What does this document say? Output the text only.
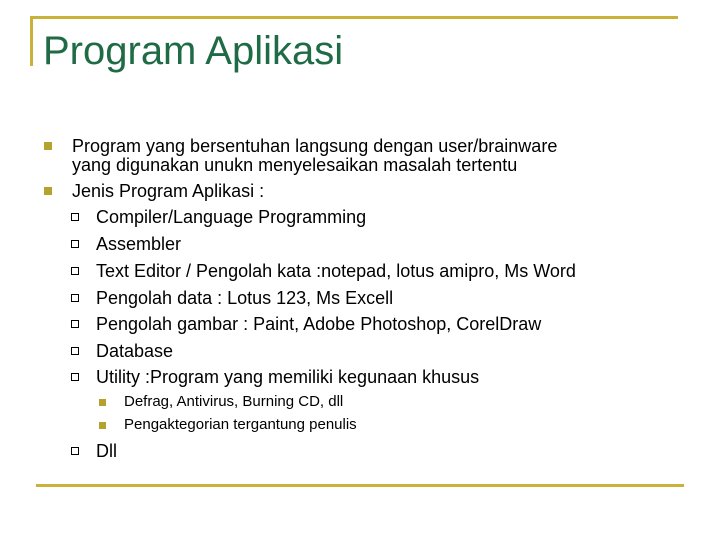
Program Aplikasi
Program yang bersentuhan langsung dengan user/brainware
yang digunakan unukn menyelesaikan masalah tertentu
Jenis Program Aplikasi :
Compiler/Language Programming
Assembler
Text Editor / Pengolah kata :notepad, lotus amipro, Ms Word
Pengolah data : Lotus 123, Ms Excell
Pengolah gambar : Paint, Adobe Photoshop, CorelDraw
Database
Utility :Program yang memiliki kegunaan khusus
Defrag, Antivirus, Burning CD, dll
Pengaktegorian tergantung penulis
Dll
